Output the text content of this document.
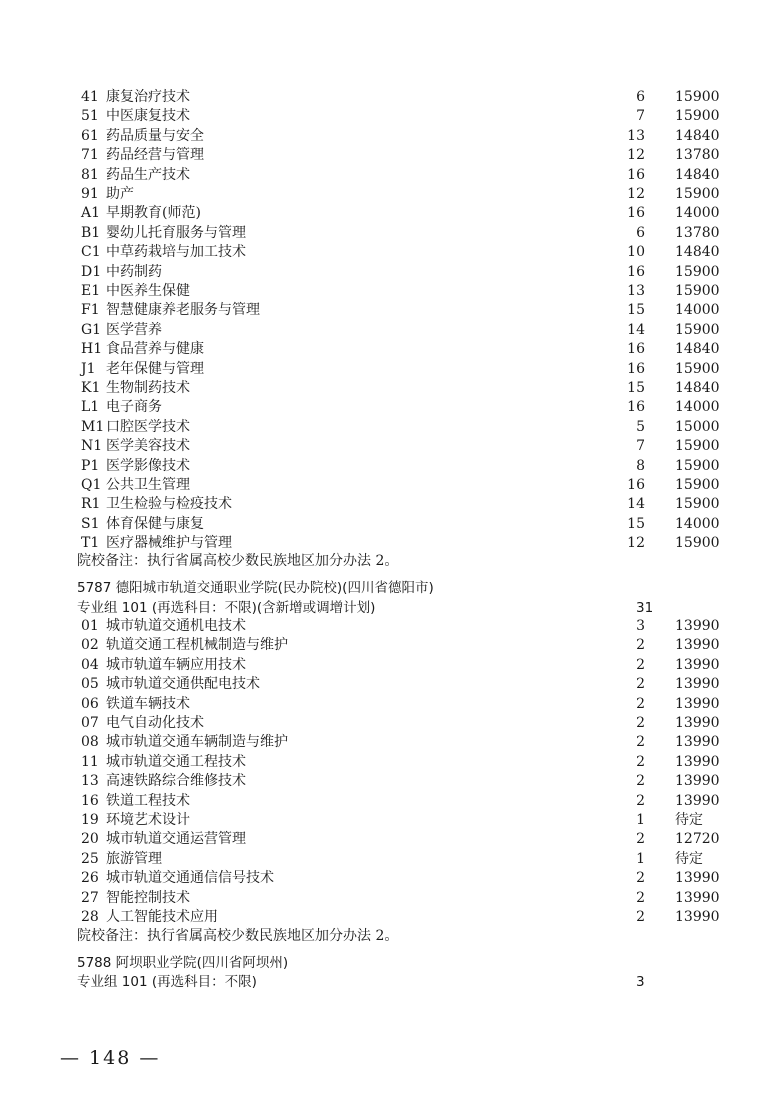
41 康复治疗技术	6 15900
51 中医康复技术	7 15900
61 药品质量与安全	13 14840
71 药品经营与管理	12 13780
81 药品生产技术	16 14840
91 助产	12 15900
A1 早期教育(师范)	16 14000
B1 婴幼儿托育服务与管理	6 13780
C1 中草药栽培与加工技术	10 14840
D1 中药制药	16 15900
E1 中医养生保健	13 15900
F1 智慧健康养老服务与管理	15 14000
G1 医学营养	14 15900
H1 食品营养与健康	16 14840
J1 老年保健与管理	16 15900
K1 生物制药技术	15 14840
L1 电子商务	16 14000
M1 口腔医学技术	5 15000
N1 医学美容技术	7 15900
P1 医学影像技术	8 15900
Q1 公共卫生管理	16 15900
R1 卫生检验与检疫技术	14 15900
S1 体育保健与康复	15 14000
T1 医疗器械维护与管理	12 15900
院校备注：执行省属高校少数民族地区加分办法 2。
5787 德阳城市轨道交通职业学院(民办院校)(四川省德阳市)
专业组 101 (再选科目：不限)(含新增或调增计划)	31
01 城市轨道交通机电技术	3 13990
02 轨道交通工程机械制造与维护	2 13990
04 城市轨道车辆应用技术	2 13990
05 城市轨道交通供配电技术	2 13990
06 铁道车辆技术	2 13990
07 电气自动化技术	2 13990
08 城市轨道交通车辆制造与维护	2 13990
11 城市轨道交通工程技术	2 13990
13 高速铁路综合维修技术	2 13990
16 铁道工程技术	2 13990
19 环境艺术设计	1 待定
20 城市轨道交通运营管理	2 12720
25 旅游管理	1 待定
26 城市轨道交通通信信号技术	2 13990
27 智能控制技术	2 13990
28 人工智能技术应用	2 13990
院校备注：执行省属高校少数民族地区加分办法 2。
5788 阿坝职业学院(四川省阿坝州)
专业组 101 (再选科目：不限)	3
— 148 —
